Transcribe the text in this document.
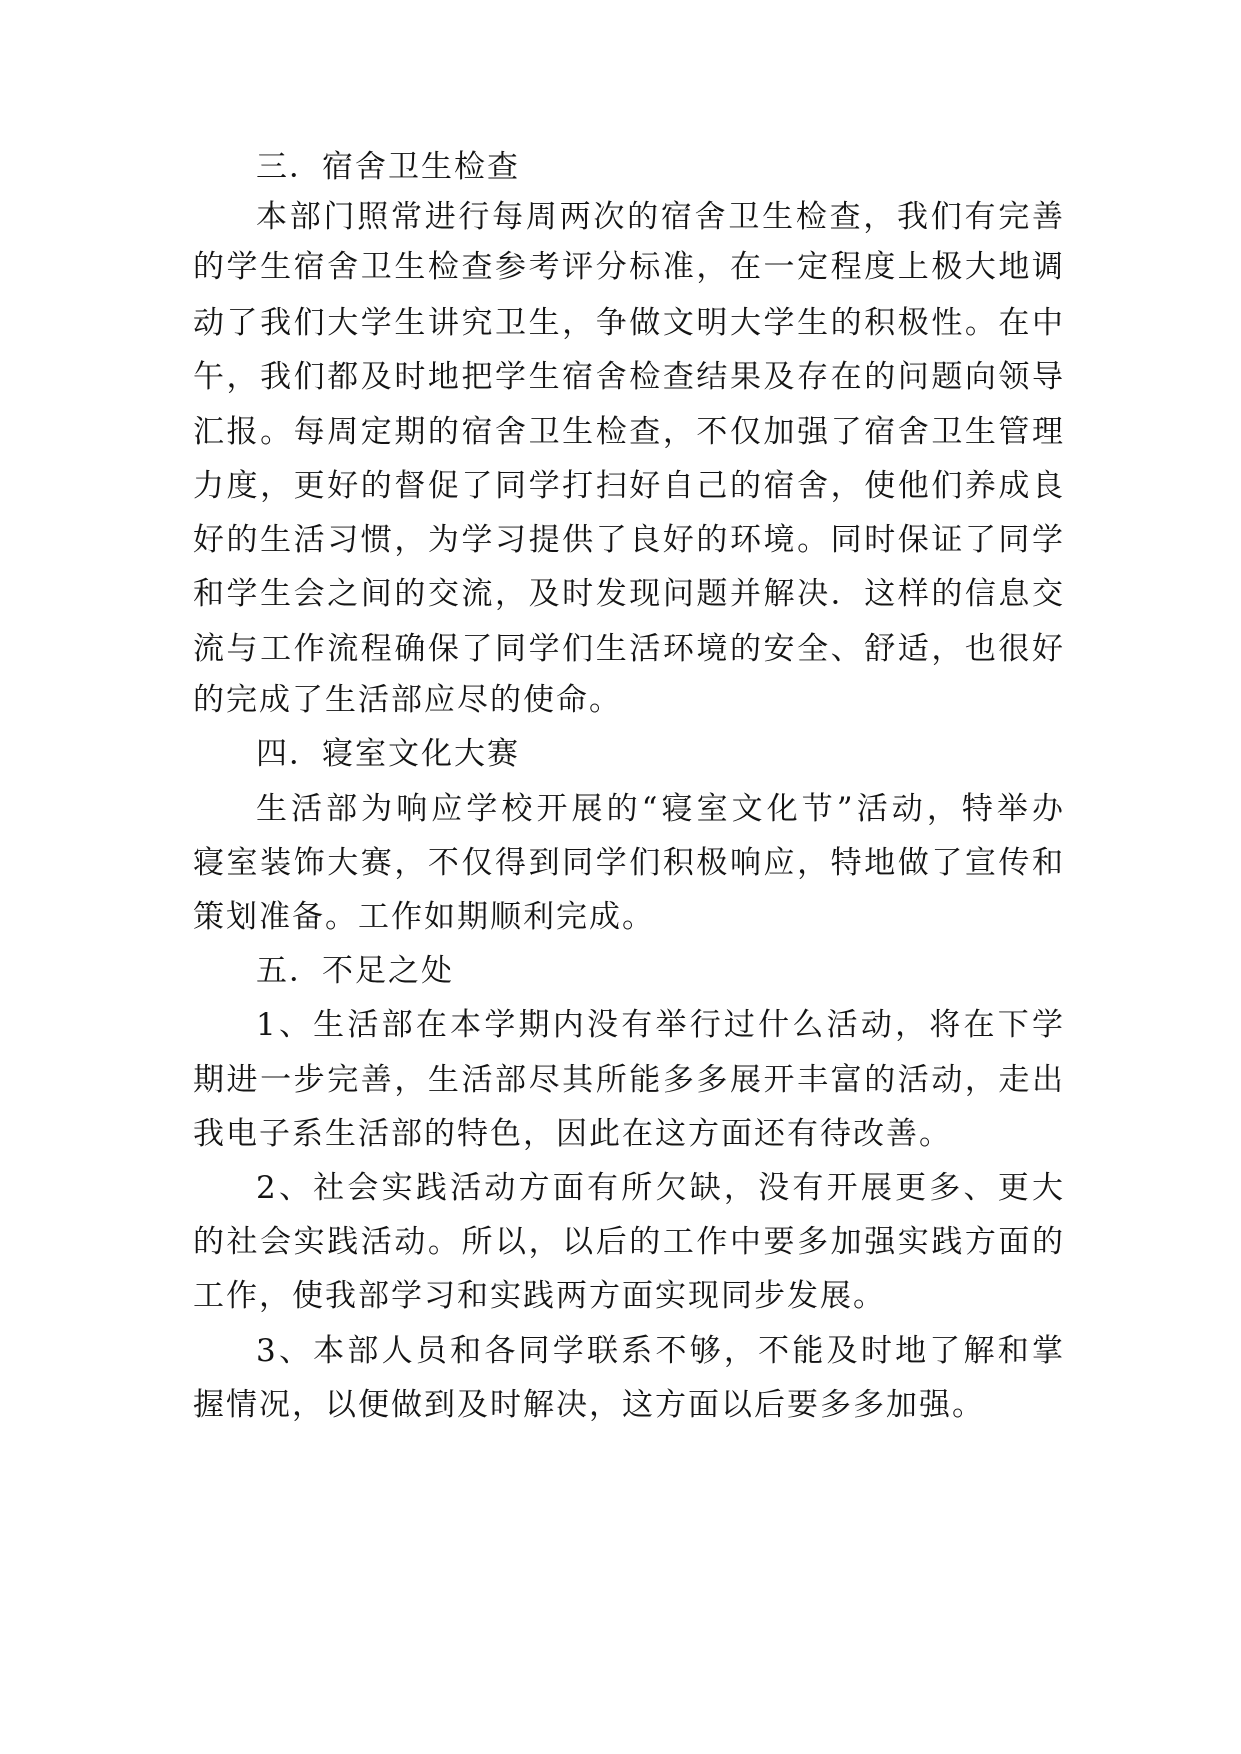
三．宿舍卫生检查
本部门照常进行每周两次的宿舍卫生检查，我们有完善
的学生宿舍卫生检查参考评分标准，在一定程度上极大地调
动了我们大学生讲究卫生，争做文明大学生的积极性。在中
午，我们都及时地把学生宿舍检查结果及存在的问题向领导
汇报。每周定期的宿舍卫生检查，不仅加强了宿舍卫生管理
力度，更好的督促了同学打扫好自己的宿舍，使他们养成良
好的生活习惯，为学习提供了良好的环境。同时保证了同学
和学生会之间的交流，及时发现问题并解决．这样的信息交
流与工作流程确保了同学们生活环境的安全、舒适，也很好
的完成了生活部应尽的使命。
四．寝室文化大赛
生活部为响应学校开展的“寝室文化节”活动，特举办
寝室装饰大赛，不仅得到同学们积极响应，特地做了宣传和
策划准备。工作如期顺利完成。
五．不足之处
1、生活部在本学期内没有举行过什么活动，将在下学
期进一步完善，生活部尽其所能多多展开丰富的活动，走出
我电子系生活部的特色，因此在这方面还有待改善。
2、社会实践活动方面有所欠缺，没有开展更多、更大
的社会实践活动。所以，以后的工作中要多加强实践方面的
工作，使我部学习和实践两方面实现同步发展。
3、本部人员和各同学联系不够，不能及时地了解和掌
握情况，以便做到及时解决，这方面以后要多多加强。
